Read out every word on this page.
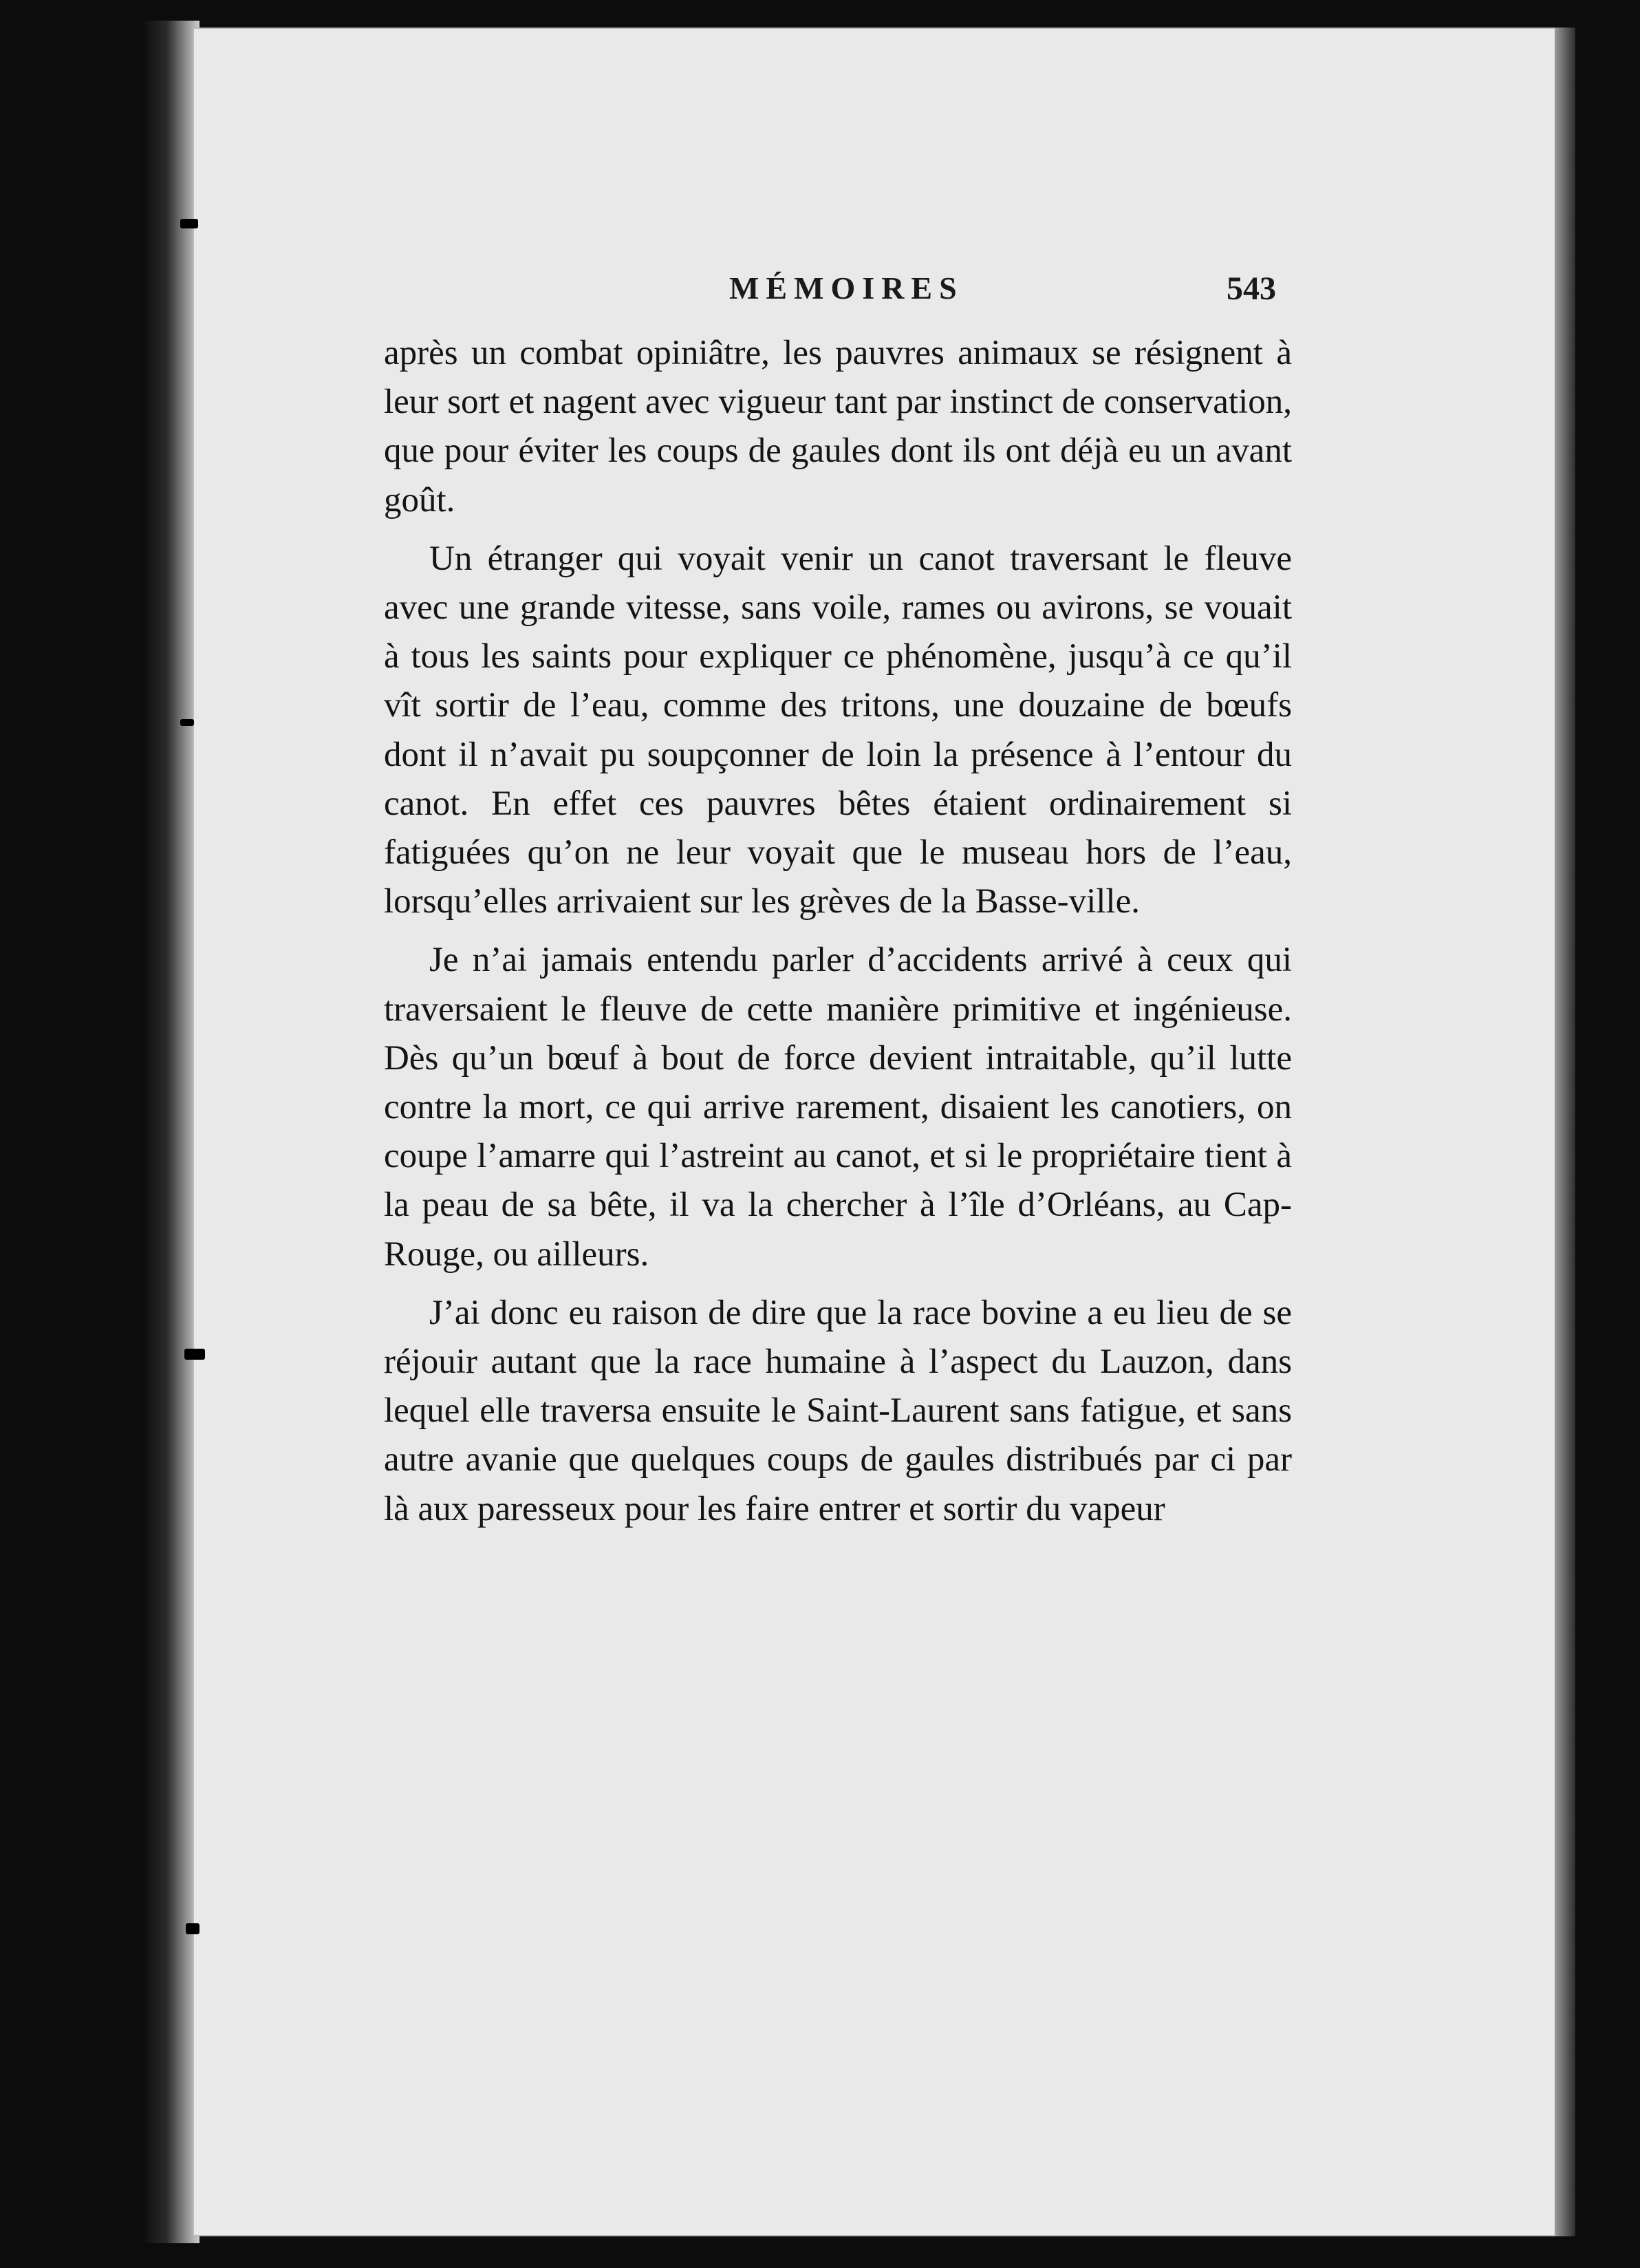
MÉMOIRES	543

après un combat opiniâtre, les pauvres animaux se résignent à leur sort et nagent avec vigueur tant par instinct de conservation, que pour éviter les coups de gaules dont ils ont déjà eu un avant goût.

Un étranger qui voyait venir un canot traversant le fleuve avec une grande vitesse, sans voile, rames ou avirons, se vouait à tous les saints pour expliquer ce phénomène, jusqu’à ce qu’il vît sortir de l’eau, comme des tritons, une douzaine de bœufs dont il n’avait pu soupçonner de loin la présence à l’entour du canot. En effet ces pauvres bêtes étaient ordinairement si fatiguées qu’on ne leur voyait que le museau hors de l’eau, lorsqu’elles arrivaient sur les grèves de la Basse-ville.

Je n’ai jamais entendu parler d’accidents arrivé à ceux qui traversaient le fleuve de cette manière primitive et ingénieuse. Dès qu’un bœuf à bout de force devient intraitable, qu’il lutte contre la mort, ce qui arrive rarement, disaient les canotiers, on coupe l’amarre qui l’astreint au canot, et si le propriétaire tient à la peau de sa bête, il va la chercher à l’île d’Orléans, au Cap-Rouge, ou ailleurs.

J’ai donc eu raison de dire que la race bovine a eu lieu de se réjouir autant que la race humaine à l’aspect du Lauzon, dans lequel elle traversa ensuite le Saint-Laurent sans fatigue, et sans autre avanie que quelques coups de gaules distribués par ci par là aux paresseux pour les faire entrer et sortir du vapeur
